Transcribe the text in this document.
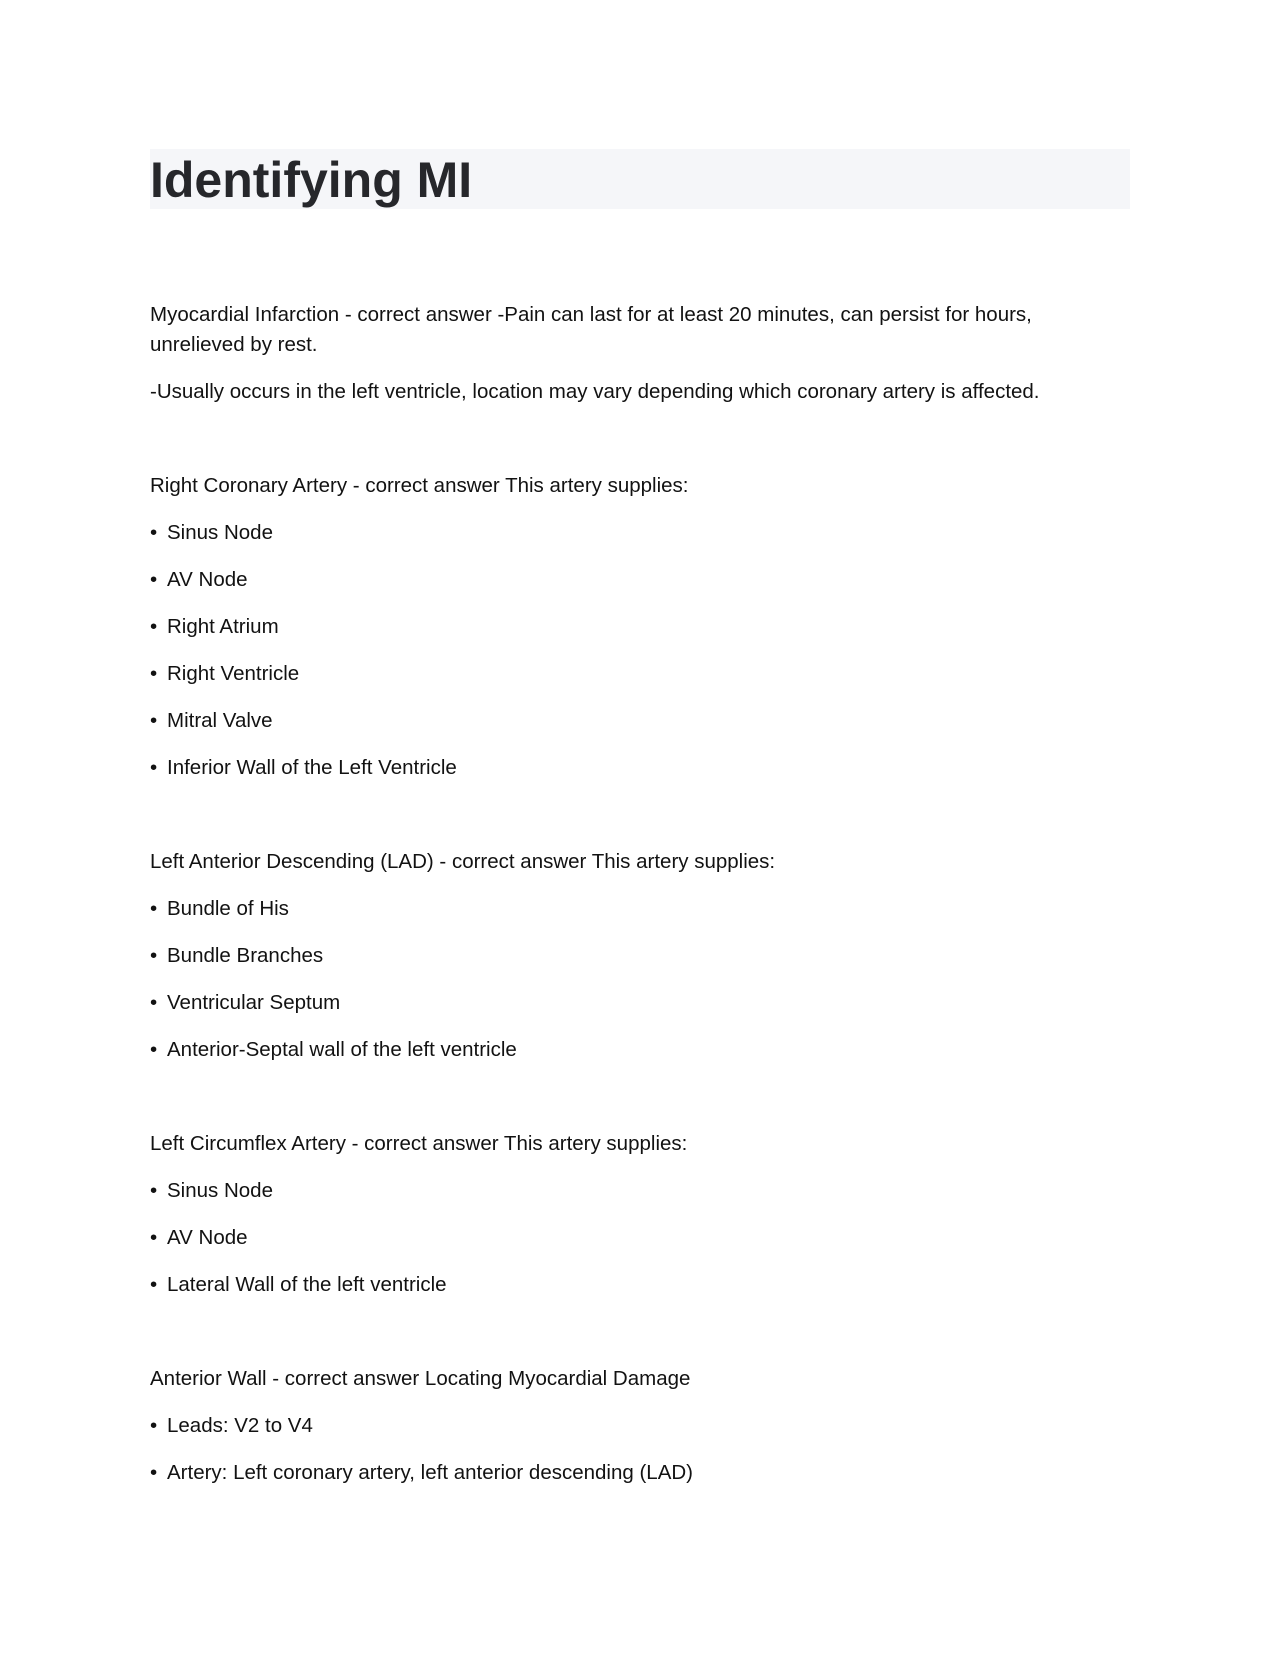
Identifying MI

Myocardial Infarction - correct answer -Pain can last for at least 20 minutes, can persist for hours, unrelieved by rest.

-Usually occurs in the left ventricle, location may vary depending which coronary artery is affected.

Right Coronary Artery - correct answer This artery supplies:

• Sinus Node
• AV Node
• Right Atrium
• Right Ventricle
• Mitral Valve
• Inferior Wall of the Left Ventricle

Left Anterior Descending (LAD) - correct answer This artery supplies:

• Bundle of His
• Bundle Branches
• Ventricular Septum
• Anterior-Septal wall of the left ventricle

Left Circumflex Artery - correct answer This artery supplies:

• Sinus Node
• AV Node
• Lateral Wall of the left ventricle

Anterior Wall - correct answer Locating Myocardial Damage

• Leads: V2 to V4
• Artery: Left coronary artery, left anterior descending (LAD)
